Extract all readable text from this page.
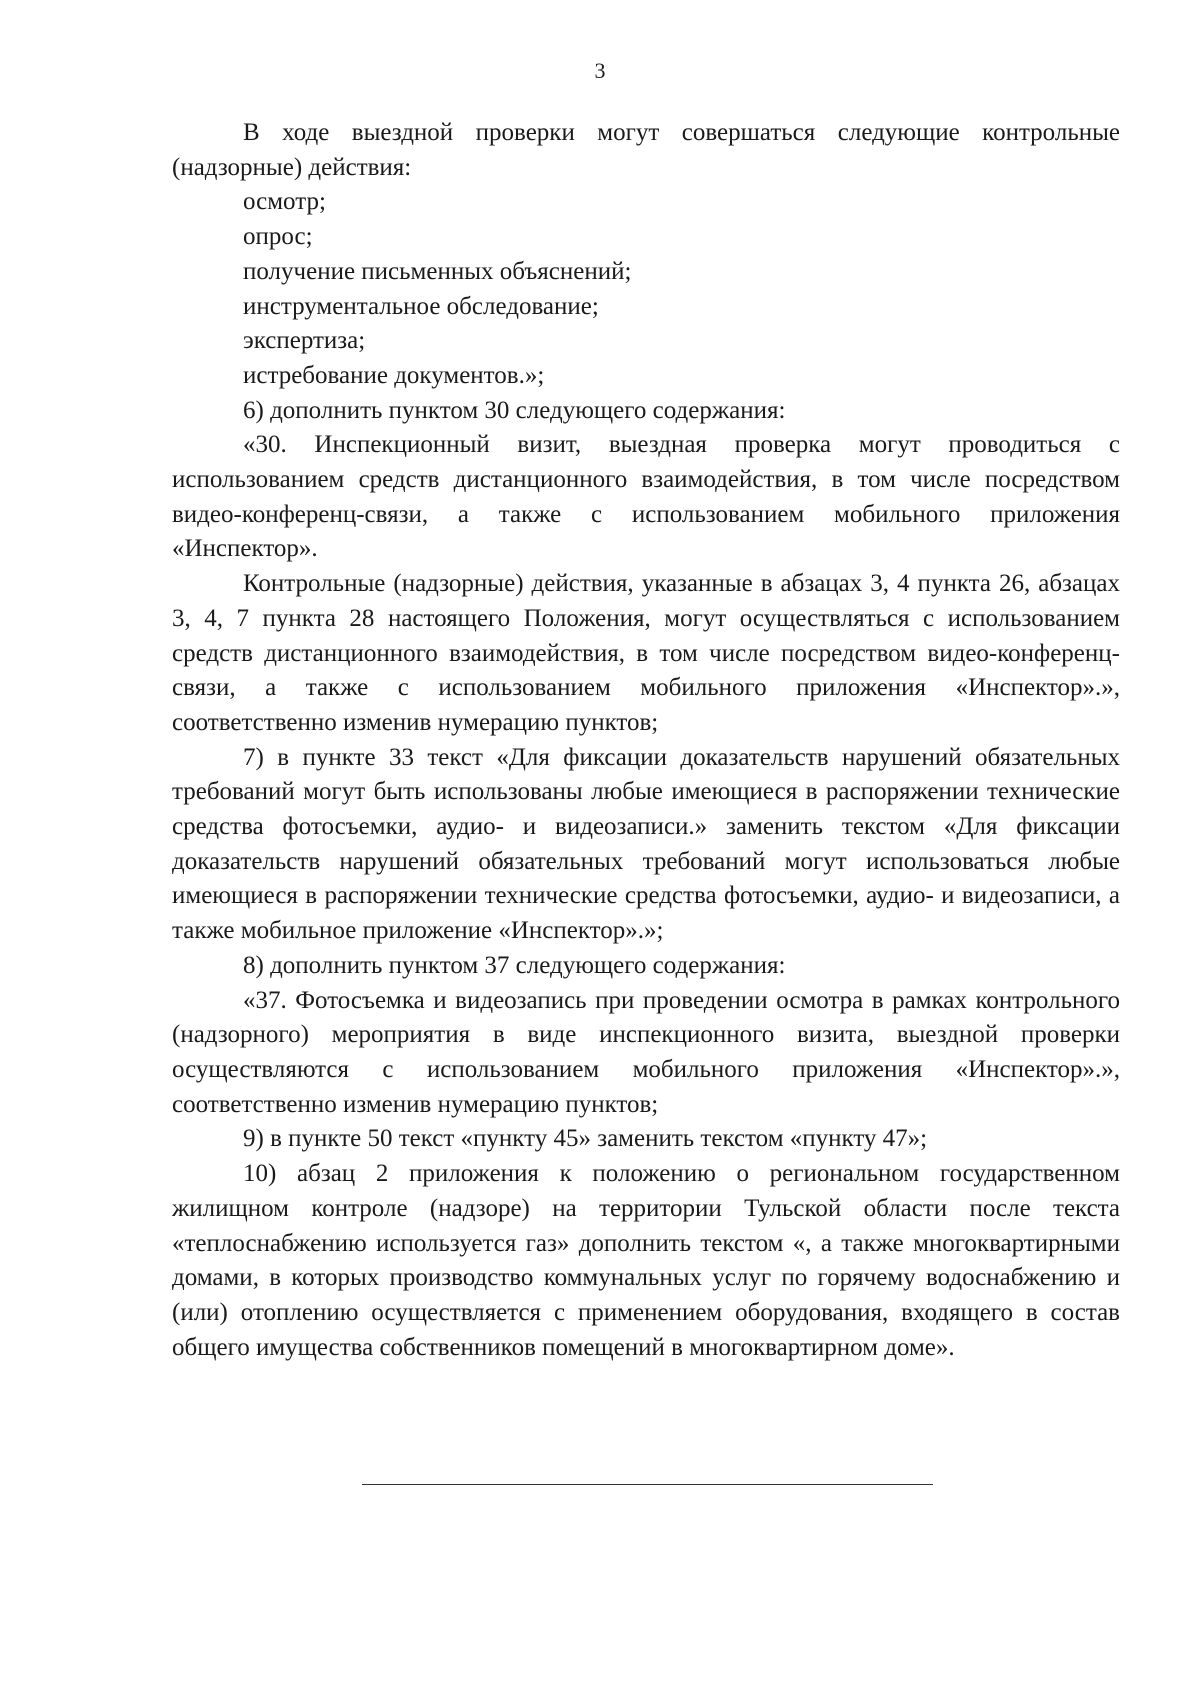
3

В ходе выездной проверки могут совершаться следующие контрольные (надзорные) действия:

осмотр;

опрос;

получение письменных объяснений;

инструментальное обследование;

экспертиза;

истребование документов.»;

6) дополнить пунктом 30 следующего содержания:

«30. Инспекционный визит, выездная проверка могут проводиться с использованием средств дистанционного взаимодействия, в том числе посредством видео-конференц-связи, а также с использованием мобильного приложения «Инспектор».

Контрольные (надзорные) действия, указанные в абзацах 3, 4 пункта 26, абзацах 3, 4, 7 пункта 28 настоящего Положения, могут осуществляться с использованием средств дистанционного взаимодействия, в том числе посредством видео-конференц-связи, а также с использованием мобильного приложения «Инспектор».», соответственно изменив нумерацию пунктов;

7) в пункте 33 текст «Для фиксации доказательств нарушений обязательных требований могут быть использованы любые имеющиеся в распоряжении технические средства фотосъемки, аудио- и видеозаписи.» заменить текстом «Для фиксации доказательств нарушений обязательных требований могут использоваться любые имеющиеся в распоряжении технические средства фотосъемки, аудио- и видеозаписи, а также мобильное приложение «Инспектор».»;

8) дополнить пунктом 37 следующего содержания:

«37. Фотосъемка и видеозапись при проведении осмотра в рамках контрольного (надзорного) мероприятия в виде инспекционного визита, выездной проверки осуществляются с использованием мобильного приложения «Инспектор».», соответственно изменив нумерацию пунктов;

9) в пункте 50 текст «пункту 45» заменить текстом «пункту 47»;

10) абзац 2 приложения к положению о региональном государственном жилищном контроле (надзоре) на территории Тульской области после текста «теплоснабжению используется газ» дополнить текстом «, а также многоквартирными домами, в которых производство коммунальных услуг по горячему водоснабжению и (или) отоплению осуществляется с применением оборудования, входящего в состав общего имущества собственников помещений в многоквартирном доме».
